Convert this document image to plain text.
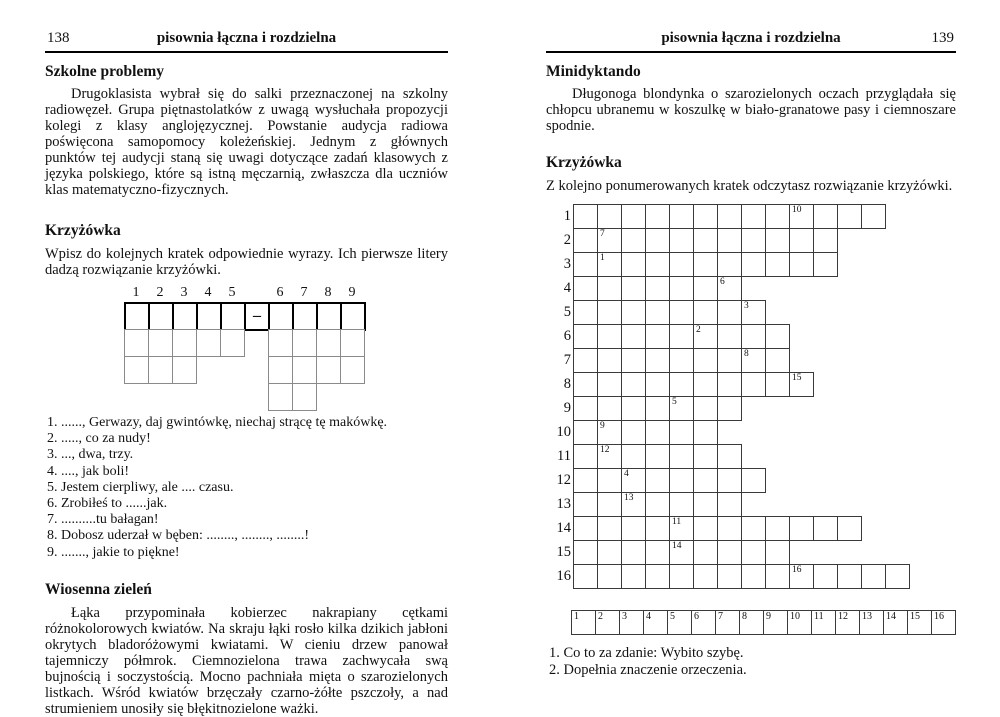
138	pisownia łączna i rozdzielna
Szkolne problemy

Drugoklasista wybrał się do salki przeznaczonej na szkolny radiowęzeł. Grupa piętnastolatków z uwagą wysłuchała propozycji kolegi z klasy anglojęzycznej. Powstanie audycja radiowa poświęcona samopomocy koleżeńskiej. Jednym z głównych punktów tej audycji staną się uwagi dotyczące zadań klasowych z języka polskiego, które są istną męczarnią, zwłaszcza dla uczniów klas matematyczno-fizycznych.

Krzyżówka

Wpisz do kolejnych kratek odpowiednie wyrazy. Ich pierwsze litery dadzą rozwiązanie krzyżówki.

1	2	3	4	5	6	7	8	9
–
1. ......, Gerwazy, daj gwintówkę, niechaj strącę tę makówkę.
2. ....., co za nudy!
3. ..., dwa, trzy.
4. ...., jak boli!
5. Jestem cierpliwy, ale .... czasu.
6. Zrobiłeś to ......jak.
7. ..........tu bałagan!
8. Dobosz uderzał w bęben: ........, ........, ........!
9. ......., jakie to piękne!
Wiosenna zieleń

Łąka przypominała kobierzec nakrapiany cętkami różnokolorowych kwiatów. Na skraju łąki rosło kilka dzikich jabłoni okrytych bladoróżowymi kwiatami. W cieniu drzew panował tajemniczy półmrok. Ciemnozielona trawa zachwycała swą bujnością i soczystością. Mocno pachniała mięta o szarozielonych listkach. Wśród kwiatów brzęczały czarno-żółte pszczoły, a nad strumieniem unosiły się błękitnozielone ważki.

pisownia łączna i rozdzielna	139
Minidyktando

Długonoga blondynka o szarozielonych oczach przyglądała się chłopcu ubranemu w koszulkę w biało-granatowe pasy i ciemnoszare spodnie.

Krzyżówka

Z kolejno ponumerowanych kratek odczytasz rozwiązanie krzyżówki.

1	10
2	7
3	1
4	6
5	3
6	2
7	8
8	15
9	5
10	9
11	12
12	4
13	13
14	11
15	14
16	16
1 2 3 4 5 6 7 8 9 10 11 12 13 14 15 16
1. Co to za zdanie: Wybito szybę.
2. Dopełnia znaczenie orzeczenia.
